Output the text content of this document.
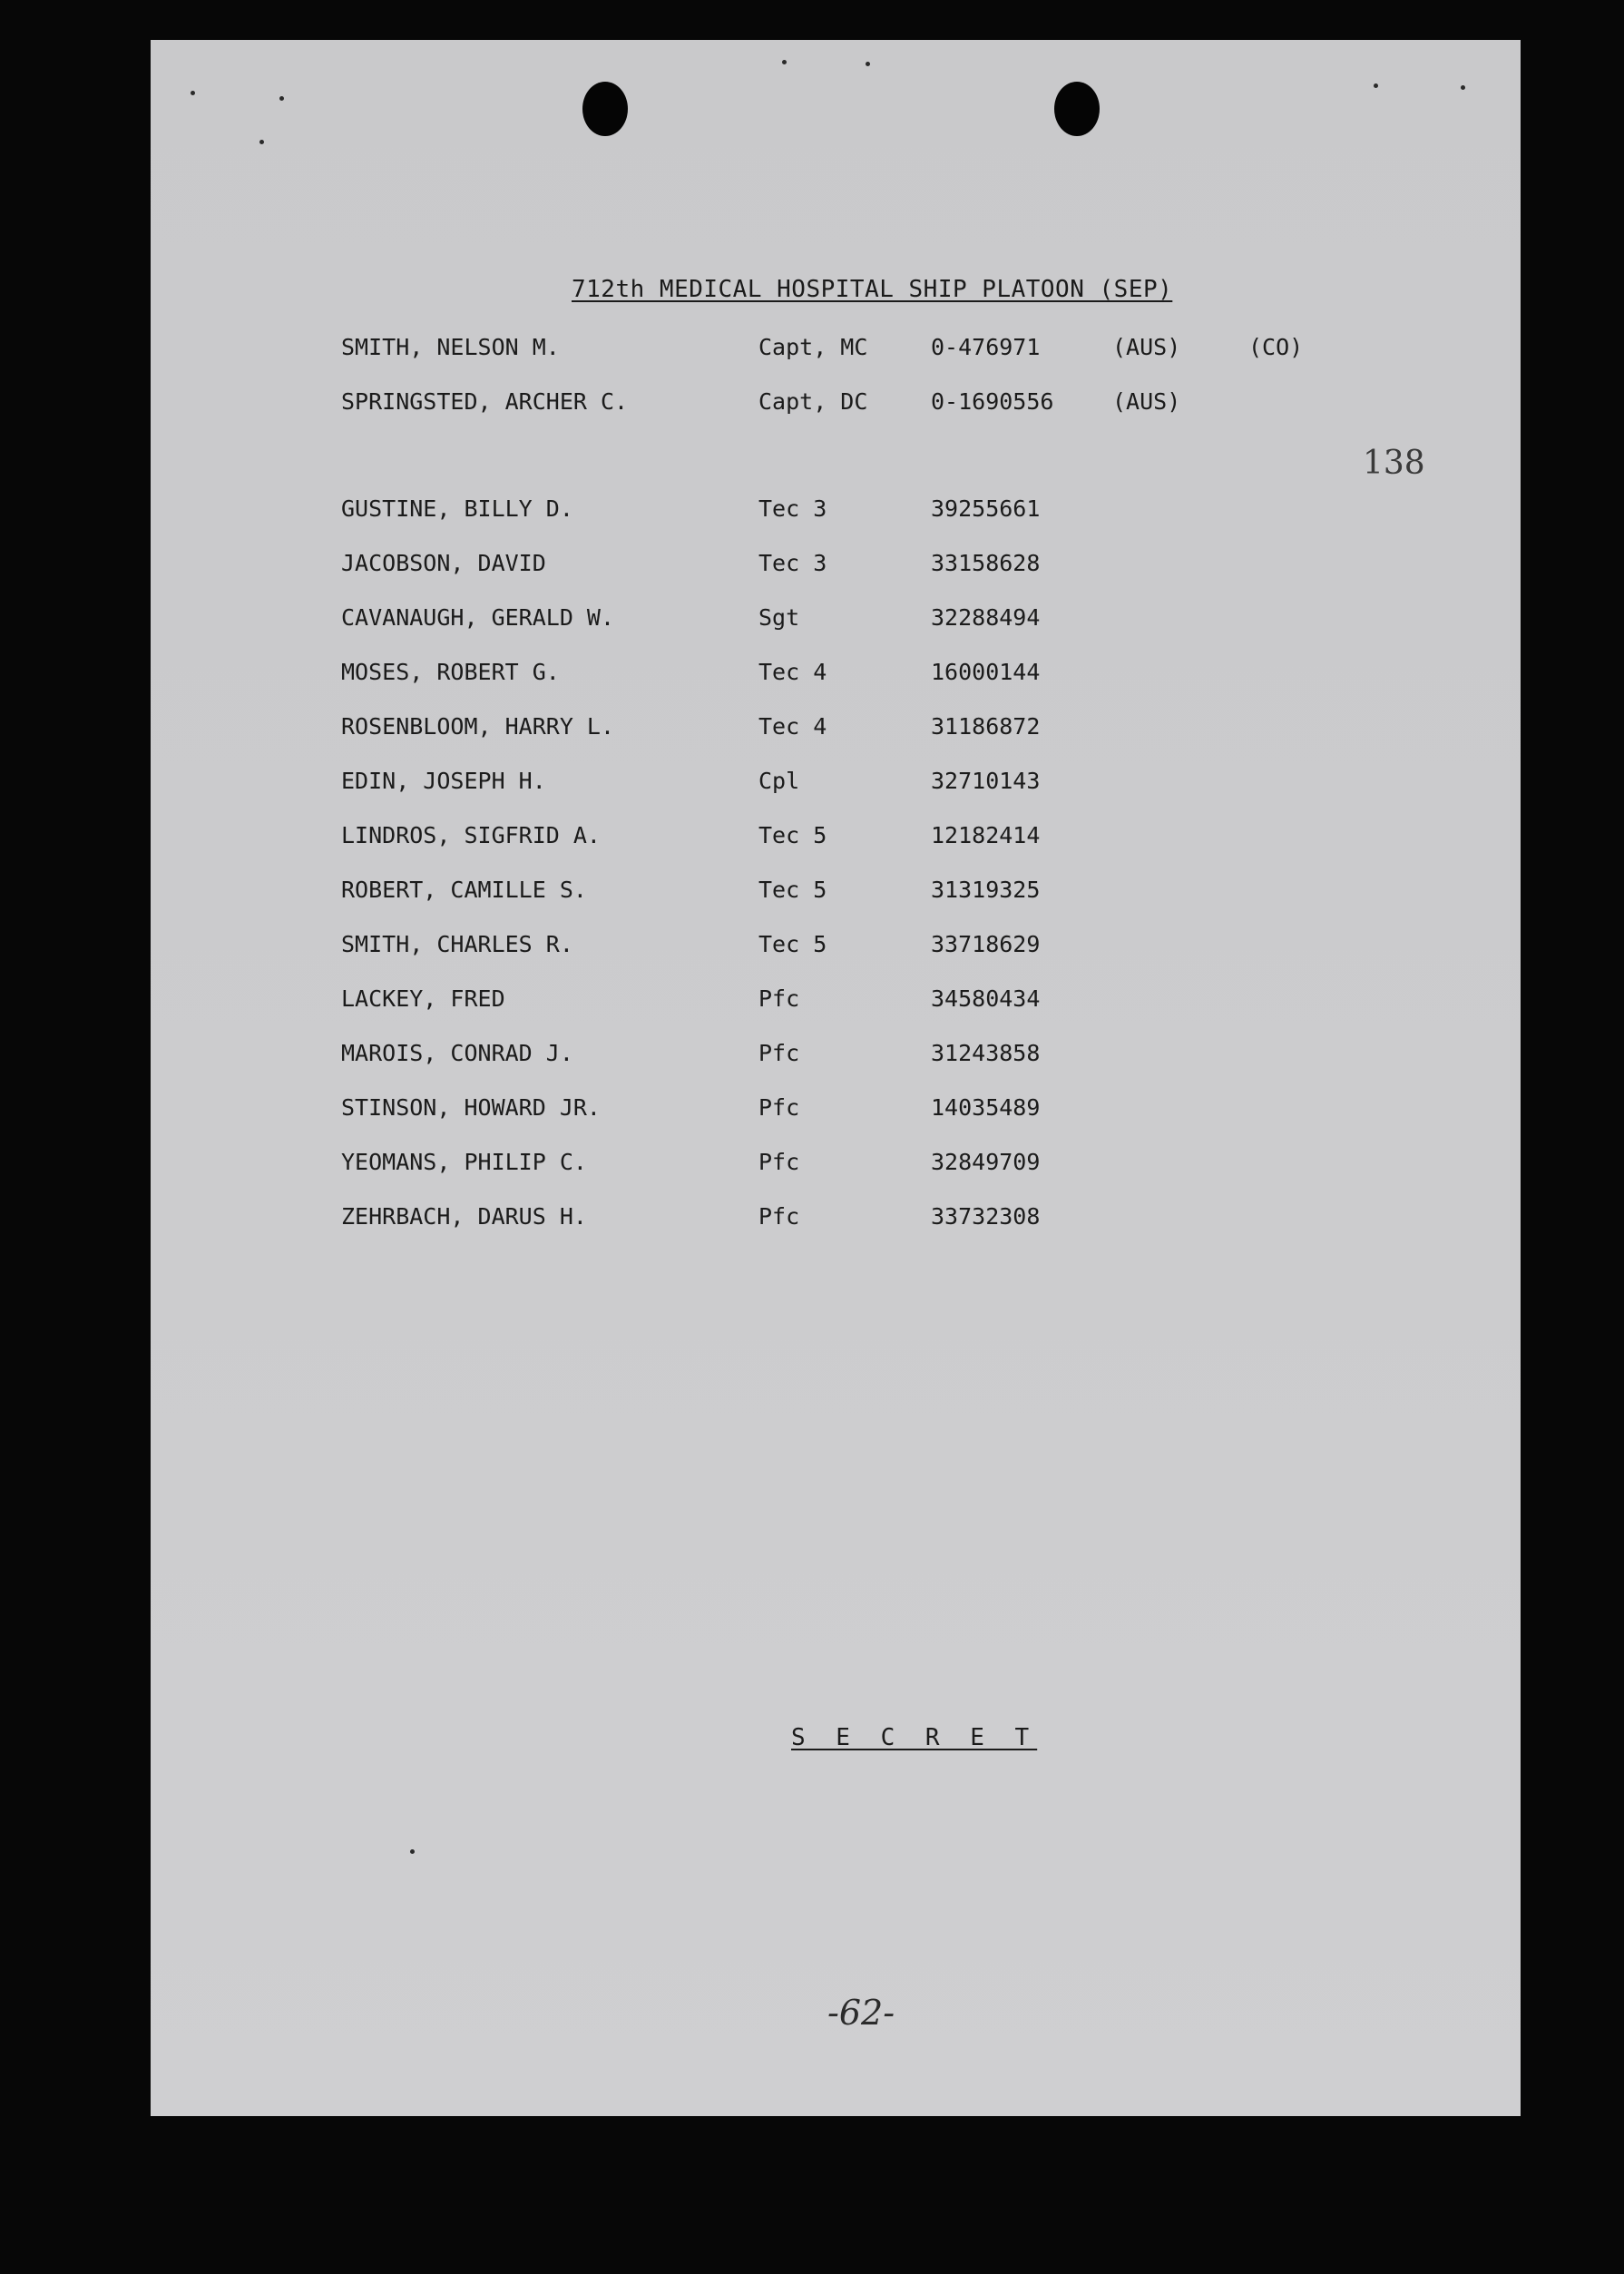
712th MEDICAL HOSPITAL SHIP PLATOON (SEP)
138
SMITH, NELSON M.	Capt, MC	0-476971	(AUS)	(CO)
SPRINGSTED, ARCHER C.	Capt, DC	0-1690556	(AUS)
GUSTINE, BILLY D.	Tec 3	39255661
JACOBSON, DAVID	Tec 3	33158628
CAVANAUGH, GERALD W.	Sgt	32288494
MOSES, ROBERT G.	Tec 4	16000144
ROSENBLOOM, HARRY L.	Tec 4	31186872
EDIN, JOSEPH H.	Cpl	32710143
LINDROS, SIGFRID A.	Tec 5	12182414
ROBERT, CAMILLE S.	Tec 5	31319325
SMITH, CHARLES R.	Tec 5	33718629
LACKEY, FRED	Pfc	34580434
MAROIS, CONRAD J.	Pfc	31243858
STINSON, HOWARD JR.	Pfc	14035489
YEOMANS, PHILIP C.	Pfc	32849709
ZEHRBACH, DARUS H.	Pfc	33732308
S E C R E T
-62-
